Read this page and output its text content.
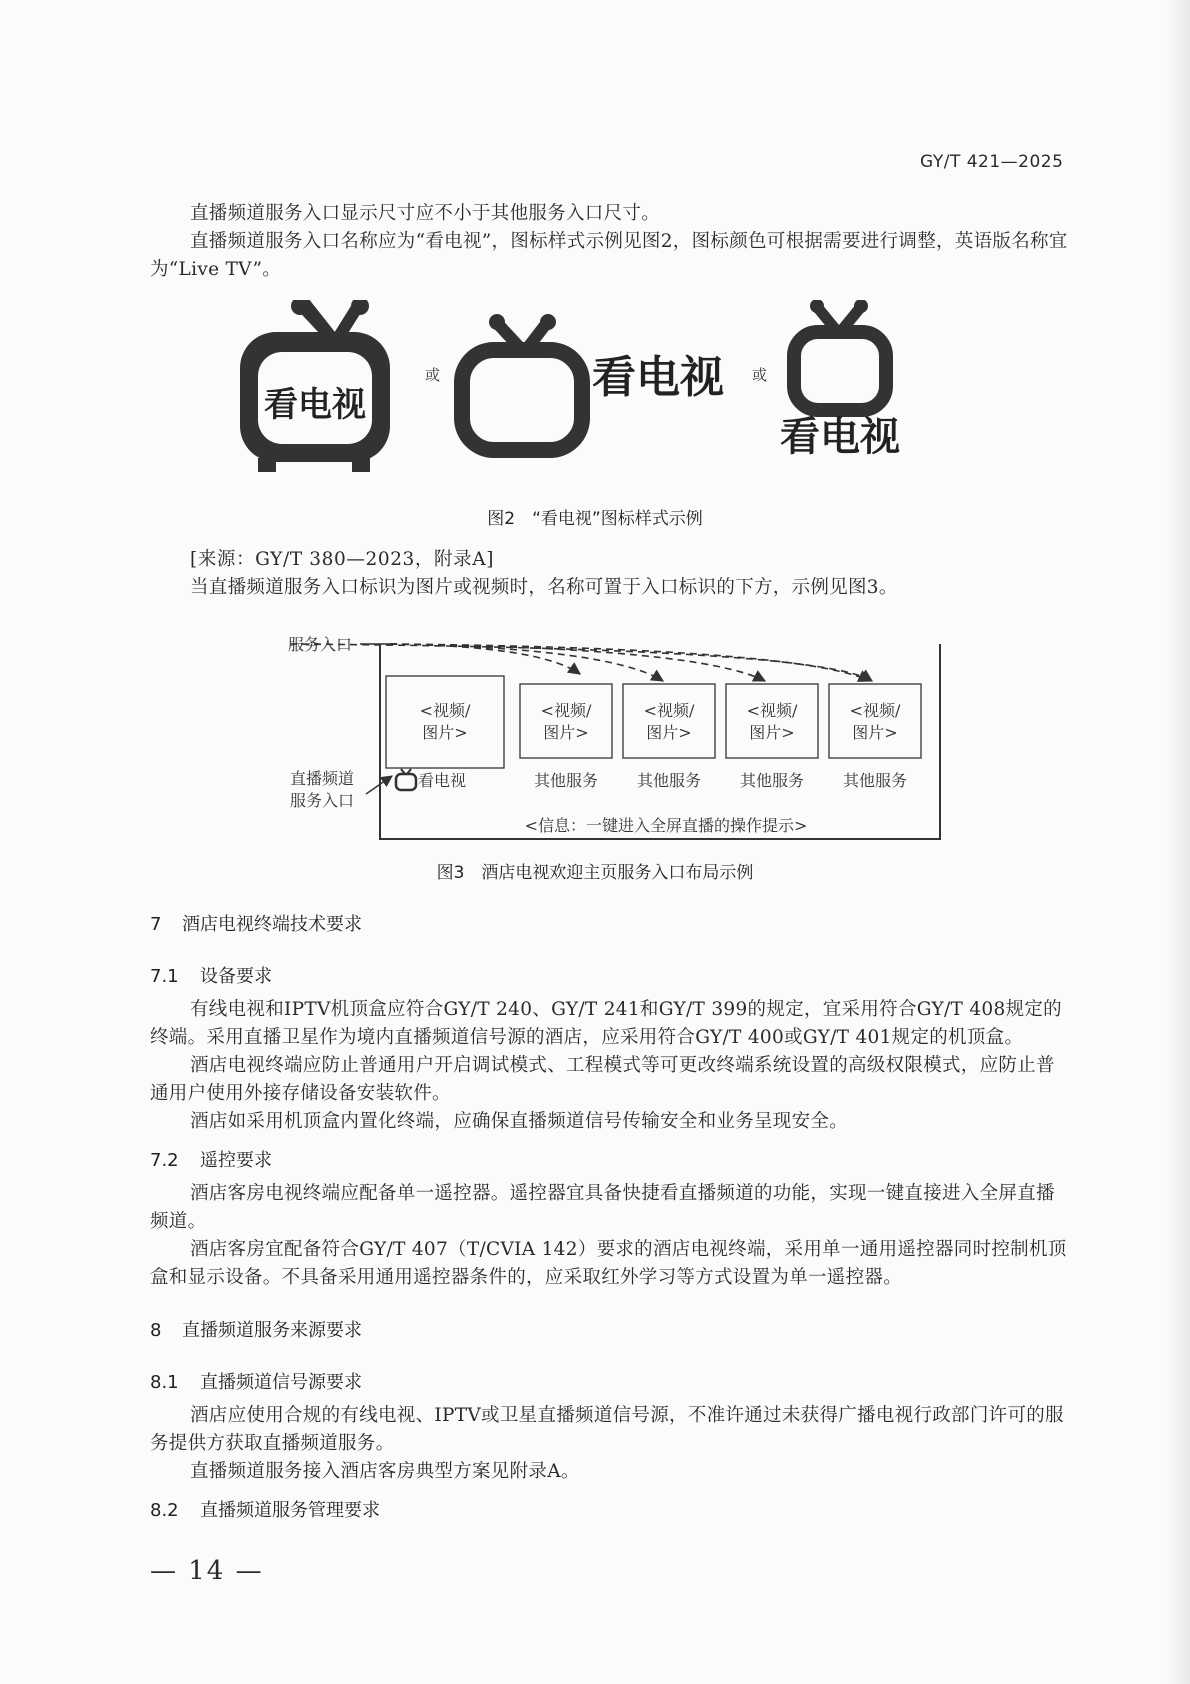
GY/T 421—2025
直播频道服务入口显示尺寸应不小于其他服务入口尺寸。
直播频道服务入口名称应为“看电视”，图标样式示例见图2，图标颜色可根据需要进行调整，英语版名称宜为“Live TV”。
看电视
或	看电视 或
看电视
图2　“看电视”图标样式示例
[来源：GY/T 380—2023，附录A]
当直播频道服务入口标识为图片或视频时，名称可置于入口标识的下方，示例见图3。
服务入口
<视频/
图片>
<视频/
图片>
<视频/
图片>
<视频/
图片>
<视频/
图片>
看电视	其他服务 其他服务 其他服务 其他服务
直播频道
服务入口
<信息：一键进入全屏直播的操作提示>
图3　酒店电视欢迎主页服务入口布局示例
7 酒店电视终端技术要求
7.1 设备要求
有线电视和IPTV机顶盒应符合GY/T 240、GY/T 241和GY/T 399的规定，宜采用符合GY/T 408规定的终端。采用直播卫星作为境内直播频道信号源的酒店，应采用符合GY/T 400或GY/T 401规定的机顶盒。
酒店电视终端应防止普通用户开启调试模式、工程模式等可更改终端系统设置的高级权限模式，应防止普通用户使用外接存储设备安装软件。
酒店如采用机顶盒内置化终端，应确保直播频道信号传输安全和业务呈现安全。
7.2 遥控要求
酒店客房电视终端应配备单一遥控器。遥控器宜具备快捷看直播频道的功能，实现一键直接进入全屏直播频道。
酒店客房宜配备符合GY/T 407（T/CVIA 142）要求的酒店电视终端，采用单一通用遥控器同时控制机顶盒和显示设备。不具备采用通用遥控器条件的，应采取红外学习等方式设置为单一遥控器。
8 直播频道服务来源要求
8.1 直播频道信号源要求
酒店应使用合规的有线电视、IPTV或卫星直播频道信号源，不准许通过未获得广播电视行政部门许可的服务提供方获取直播频道服务。
直播频道服务接入酒店客房典型方案见附录A。
8.2 直播频道服务管理要求
— 14 —
